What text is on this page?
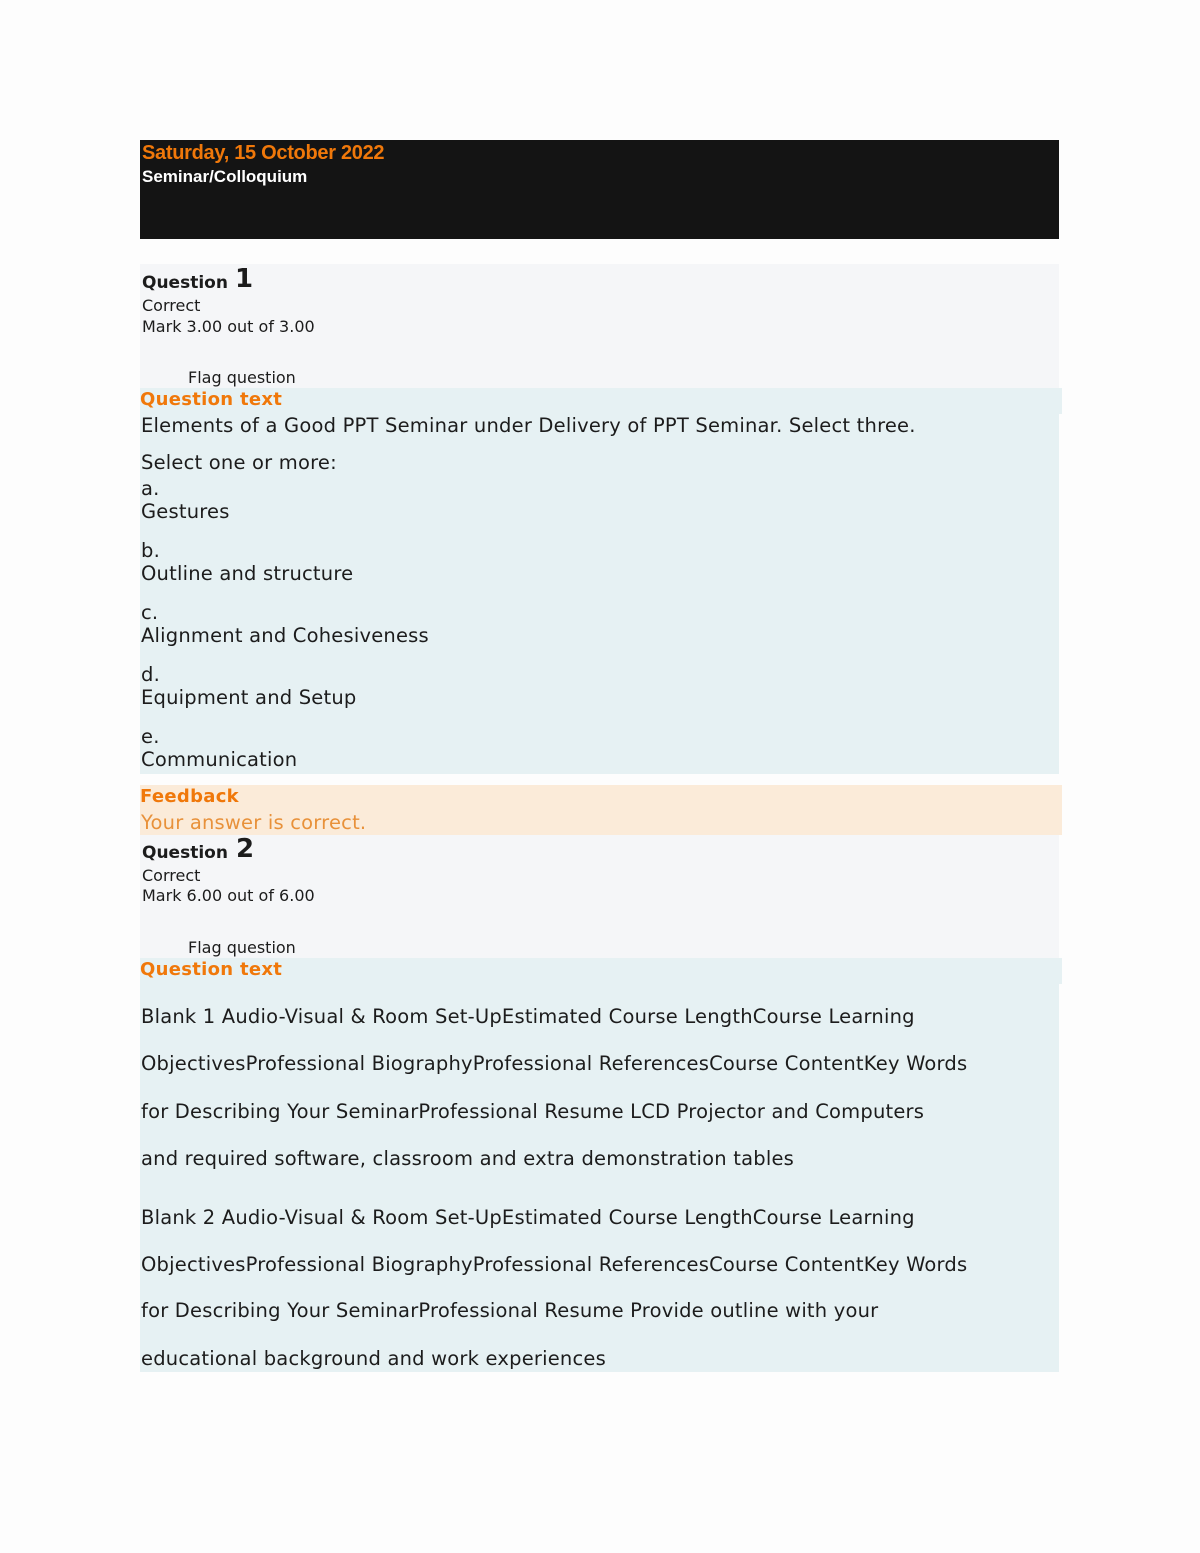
Saturday, 15 October 2022
Seminar/Colloquium
Question 1
Correct
Mark 3.00 out of 3.00
Flag question
Question text
Elements of a Good PPT Seminar under Delivery of PPT Seminar. Select three.
Select one or more:
a.
Gestures
b.
Outline and structure
c.
Alignment and Cohesiveness
d.
Equipment and Setup
e.
Communication
Feedback
Your answer is correct.
Question 2
Correct
Mark 6.00 out of 6.00
Flag question
Question text
Blank 1 Audio-Visual & Room Set-UpEstimated Course LengthCourse Learning
ObjectivesProfessional BiographyProfessional ReferencesCourse ContentKey Words
for Describing Your SeminarProfessional Resume LCD Projector and Computers
and required software, classroom and extra demonstration tables
Blank 2 Audio-Visual & Room Set-UpEstimated Course LengthCourse Learning
ObjectivesProfessional BiographyProfessional ReferencesCourse ContentKey Words
for Describing Your SeminarProfessional Resume Provide outline with your
educational background and work experiences
